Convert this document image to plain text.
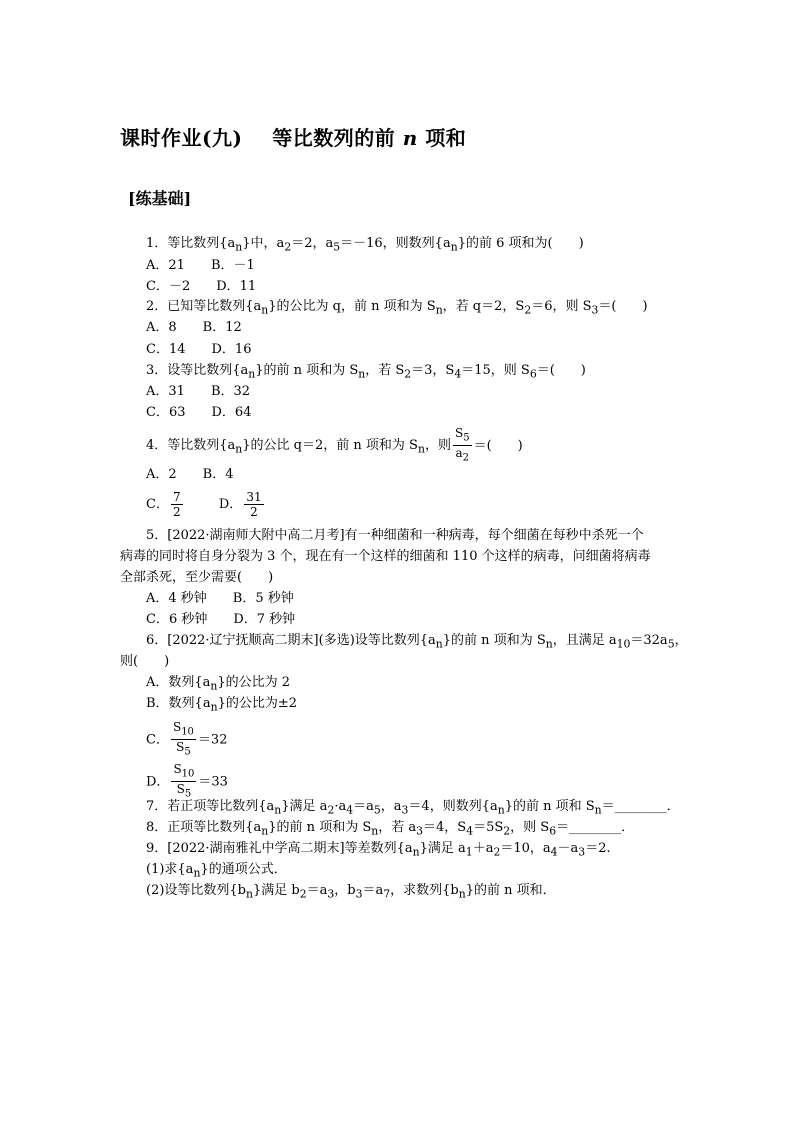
课时作业(九)    等比数列的前 n 项和
[练基础]
1．等比数列$\{a_n\}$中，$a_2=2$，$a_5=-16$，则数列$\{a_n\}$的前 6 项和为(　　)
A．21 B．－1
C．－2 D．11
2．已知等比数列$\{a_n\}$的公比为 q，前 n 项和为 $S_n$，若 q＝2，$S_2=6$，则 $S_3=$(　　)
A．8 B．12
C．14 D．16
3．设等比数列$\{a_n\}$的前 n 项和为 $S_n$，若 $S_2=3$，$S_4=15$，则 $S_6=$(　　)
A．31 B．32
C．63 D．64
4．等比数列$\{a_n\}$的公比 q＝2，前 n 项和为 $S_n$，则 $\frac{S_5}{a_2}$ ＝(　　)
A．2 B．4
C． $\frac{7}{2}$	D． $\frac{31}{2}$
5．[2022·湖南师大附中高二月考]有一种细菌和一种病毒，每个细菌在每秒中杀死一个
病毒的同时将自身分裂为 3 个，现在有一个这样的细菌和 110 个这样的病毒，问细菌将病毒
全部杀死，至少需要(　　)
A．4 秒钟 B．5 秒钟
C．6 秒钟 D．7 秒钟
6．[2022·辽宁抚顺高二期末](多选)设等比数列$\{a_n\}$的前 n 项和为 $S_n$，且满足 $a_{10}=32a_5$，
则(　　)
A．数列$\{a_n\}$的公比为 2
B．数列$\{a_n\}$的公比为±2
C． $\frac{S_{10}}{S_5} =32$
D． $\frac{S_{10}}{S_5} =33$
7．若正项等比数列$\{a_n\}$满足 $a_2\cdot a_4=a_5$，$a_3=4$，则数列$\{a_n\}$的前 n 项和 $S_n=\_\_\_\_\_\_\_\_$．
8．正项等比数列$\{a_n\}$的前 n 项和为 $S_n$，若 $a_3=4$，$S_4=5S_2$，则 $S_6=\_\_\_\_\_\_\_\_$．
9．[2022·湖南雅礼中学高二期末]等差数列$\{a_n\}$满足 $a_1+a_2=10$，$a_4-a_3=2$.
(1)求$\{a_n\}$的通项公式．
(2)设等比数列$\{b_n\}$满足 $b_2=a_3$，$b_3=a_7$，求数列$\{b_n\}$的前 n 项和．
